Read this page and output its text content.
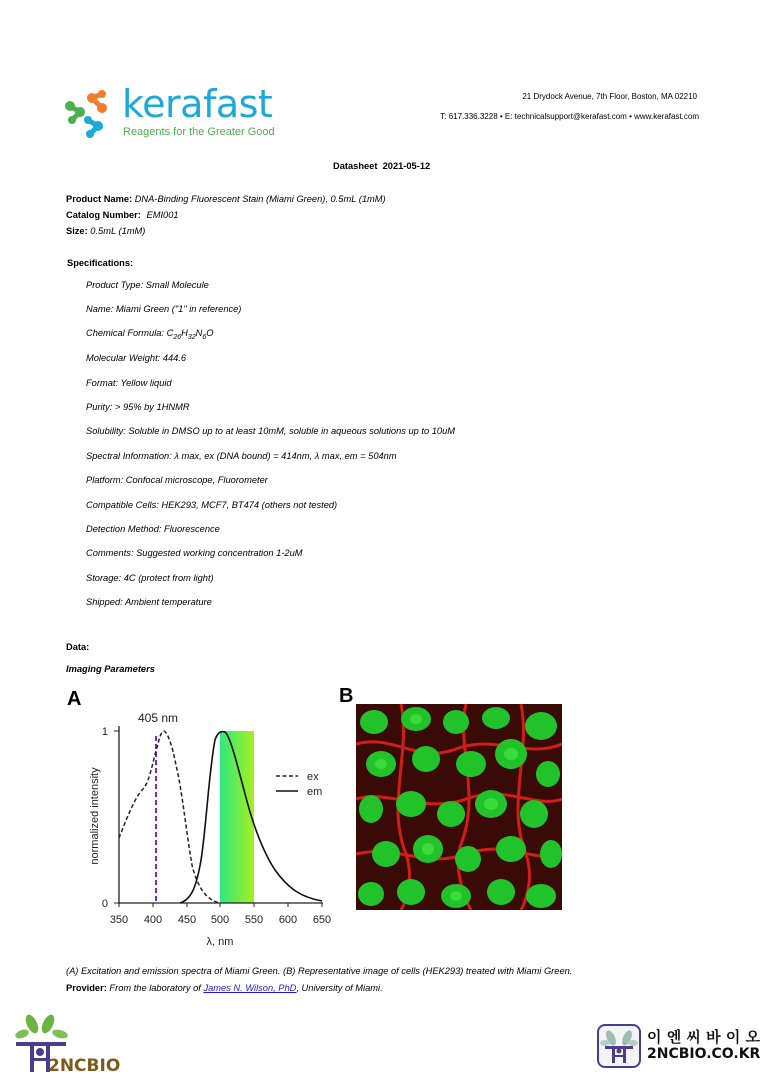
kerafast
Reagents for the Greater Good
21 Drydock Avenue, 7th Floor, Boston, MA 02210
T: 617.336.3228 • E: technicalsupport@kerafast.com • www.kerafast.com
Datasheet  2021-05-12
Product Name: DNA-Binding Fluorescent Stain (Miami Green), 0.5mL (1mM)
Catalog Number: EMI001
Size: 0.5mL (1mM)
Specifications:
Product Type: Small Molecule
Name: Miami Green ("1" in reference)
Chemical Formula: $C_{26}H_{32}N_6O$
Molecular Weight: 444.6
Format: Yellow liquid
Purity: > 95% by 1HNMR
Solubility: Soluble in DMSO up to at least 10mM, soluble in aqueous solutions up to 10uM
Spectral Information: λ max, ex (DNA bound) = 414nm, λ max, em = 504nm
Platform: Confocal microscope, Fluorometer
Compatible Cells: HEK293, MCF7, BT474 (others not tested)
Detection Method: Fluorescence
Comments: Suggested working concentration 1-2uM
Storage: 4C (protect from light)
Shipped: Ambient temperature
Data:
Imaging Parameters
A	B
1
0
350 400 450 500 550 600 650
λ, nm
normalized intensity
405 nm
ex
em
(A) Excitation and emission spectra of Miami Green. (B) Representative image of cells (HEK293) treated with Miami Green.
Provider: From the laboratory of James N. Wilson, PhD, University of Miami.
2NCBIO
이 엔 씨 바 이 오
2NCBIO.CO.KR
